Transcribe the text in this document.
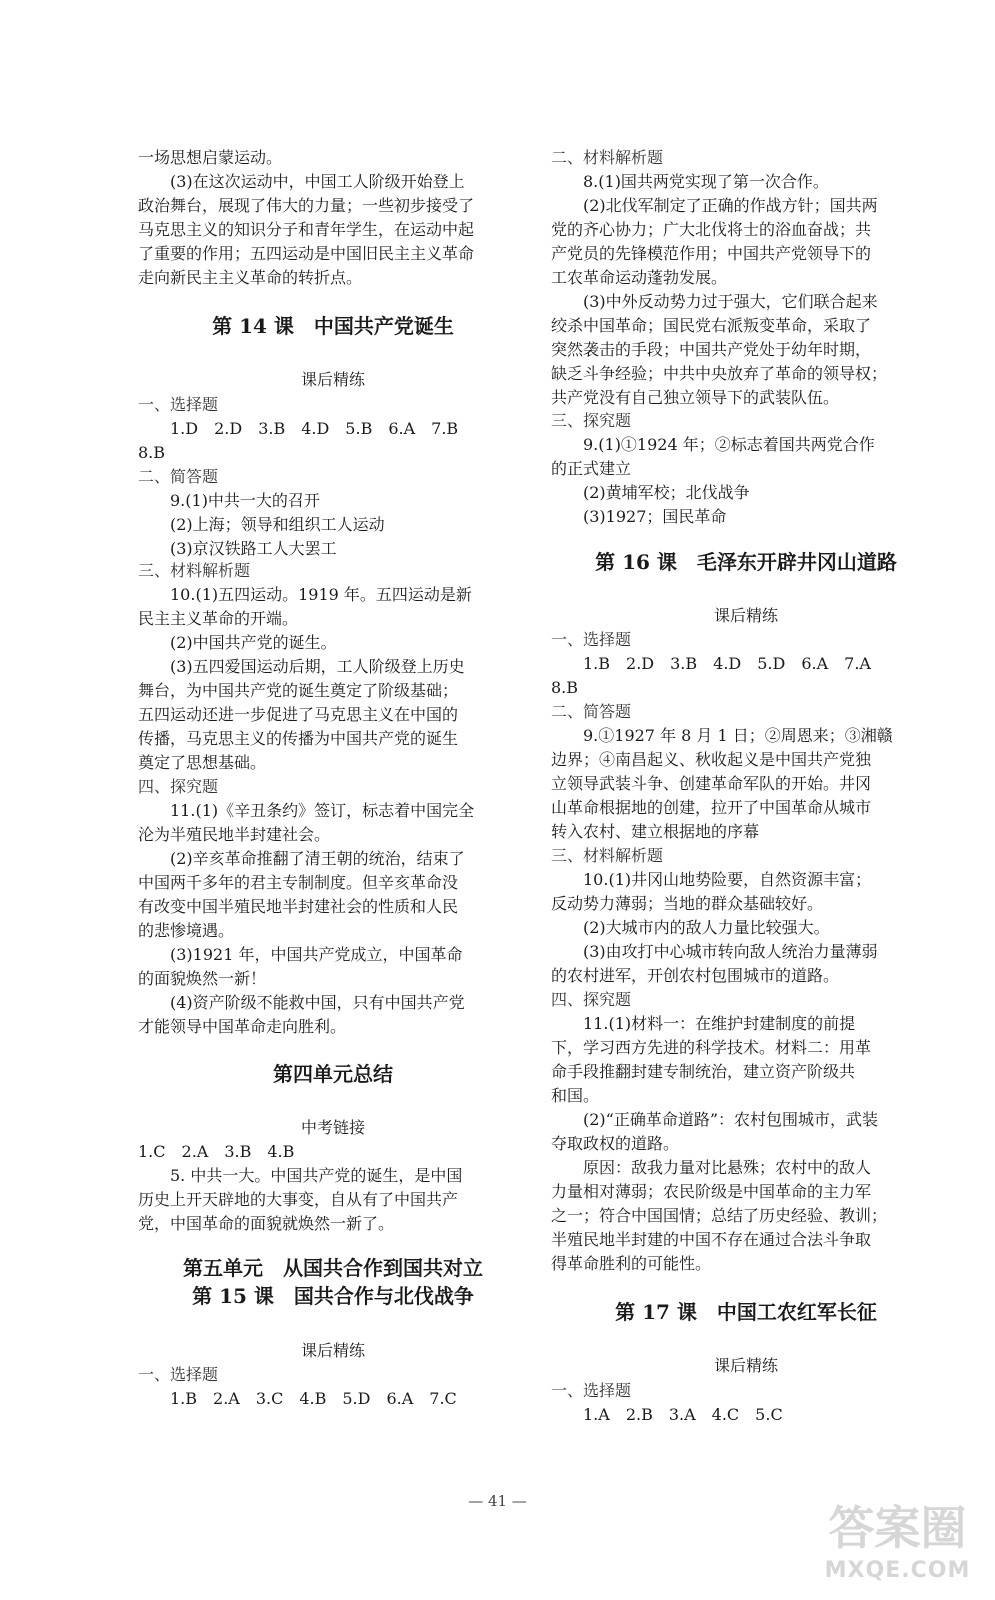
一场思想启蒙运动。
(3)在这次运动中，中国工人阶级开始登上
政治舞台，展现了伟大的力量；一些初步接受了
马克思主义的知识分子和青年学生，在运动中起
了重要的作用；五四运动是中国旧民主主义革命
走向新民主主义革命的转折点。
第 14 课　中国共产党诞生
课后精练
一、选择题
1.D　2.D　3.B　4.D　5.B　6.A　7.B
8.B
二、简答题
9.(1)中共一大的召开
(2)上海；领导和组织工人运动
(3)京汉铁路工人大罢工
三、材料解析题
10.(1)五四运动。1919 年。五四运动是新
民主主义革命的开端。
(2)中国共产党的诞生。
(3)五四爱国运动后期，工人阶级登上历史
舞台，为中国共产党的诞生奠定了阶级基础；
五四运动还进一步促进了马克思主义在中国的
传播，马克思主义的传播为中国共产党的诞生
奠定了思想基础。
四、探究题
11.(1)《辛丑条约》签订，标志着中国完全
沦为半殖民地半封建社会。
(2)辛亥革命推翻了清王朝的统治，结束了
中国两千多年的君主专制制度。但辛亥革命没
有改变中国半殖民地半封建社会的性质和人民
的悲惨境遇。
(3)1921 年，中国共产党成立，中国革命
的面貌焕然一新！
(4)资产阶级不能救中国，只有中国共产党
才能领导中国革命走向胜利。
第四单元总结
中考链接
1.C　2.A　3.B　4.B
5. 中共一大。中国共产党的诞生，是中国
历史上开天辟地的大事变，自从有了中国共产
党，中国革命的面貌就焕然一新了。
第五单元　从国共合作到国共对立
第 15 课　国共合作与北伐战争
课后精练
一、选择题
1.B　2.A　3.C　4.B　5.D　6.A　7.C
二、材料解析题
8.(1)国共两党实现了第一次合作。
(2)北伐军制定了正确的作战方针；国共两
党的齐心协力；广大北伐将士的浴血奋战；共
产党员的先锋模范作用；中国共产党领导下的
工农革命运动蓬勃发展。
(3)中外反动势力过于强大，它们联合起来
绞杀中国革命；国民党右派叛变革命，采取了
突然袭击的手段；中国共产党处于幼年时期，
缺乏斗争经验；中共中央放弃了革命的领导权；
共产党没有自己独立领导下的武装队伍。
三、探究题
9.(1)①1924 年；②标志着国共两党合作
的正式建立
(2)黄埔军校；北伐战争
(3)1927；国民革命
第 16 课　毛泽东开辟井冈山道路
课后精练
一、选择题
1.B　2.D　3.B　4.D　5.D　6.A　7.A
8.B
二、简答题
9.①1927 年 8 月 1 日；②周恩来；③湘赣
边界；④南昌起义、秋收起义是中国共产党独
立领导武装斗争、创建革命军队的开始。井冈
山革命根据地的创建，拉开了中国革命从城市
转入农村、建立根据地的序幕
三、材料解析题
10.(1)井冈山地势险要，自然资源丰富；
反动势力薄弱；当地的群众基础较好。
(2)大城市内的敌人力量比较强大。
(3)由攻打中心城市转向敌人统治力量薄弱
的农村进军，开创农村包围城市的道路。
四、探究题
11.(1)材料一：在维护封建制度的前提
下，学习西方先进的科学技术。材料二：用革
命手段推翻封建专制统治，建立资产阶级共
和国。
(2)“正确革命道路”：农村包围城市，武装
夺取政权的道路。
原因：敌我力量对比悬殊；农村中的敌人
力量相对薄弱；农民阶级是中国革命的主力军
之一；符合中国国情；总结了历史经验、教训；
半殖民地半封建的中国不存在通过合法斗争取
得革命胜利的可能性。
第 17 课　中国工农红军长征
课后精练
一、选择题
1.A　2.B　3.A　4.C　5.C
— 41 —	答案圈
MXQE.COM
